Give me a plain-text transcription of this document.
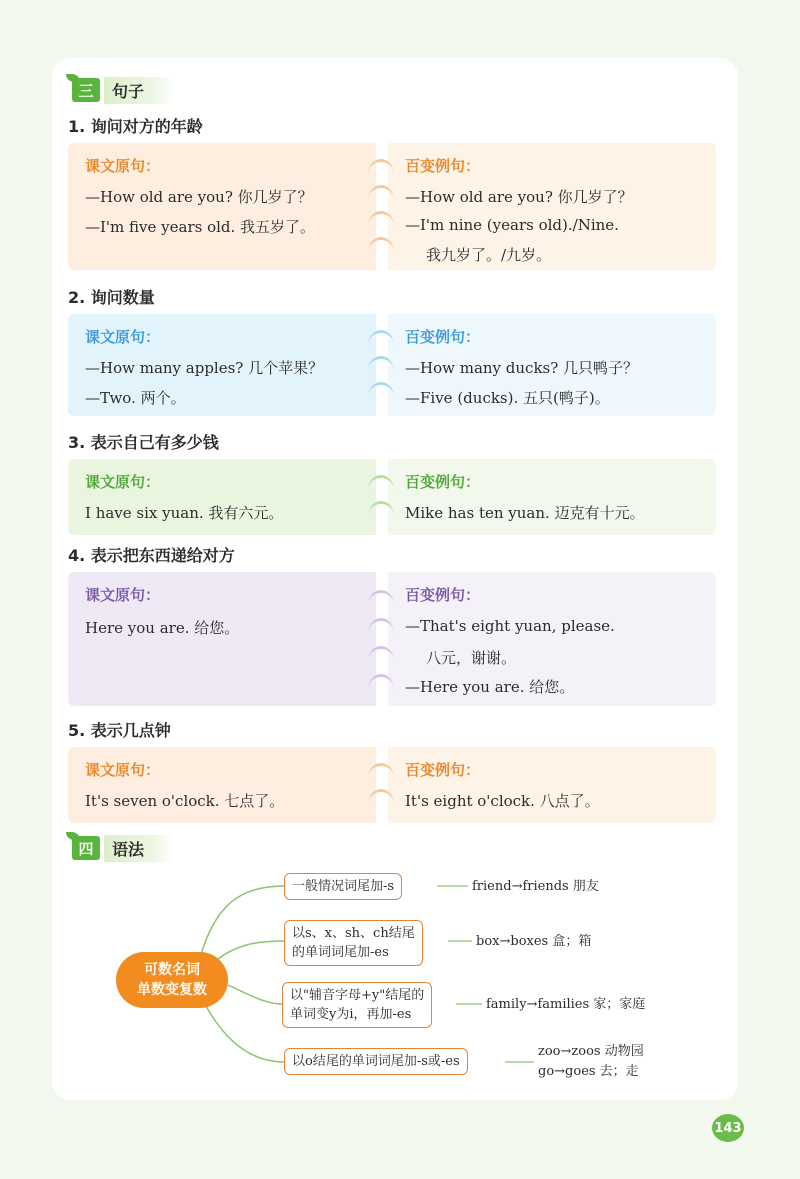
三	句子
1. 询问对方的年龄
课文原句：
—How old are you? 你几岁了？
—I'm five years old. 我五岁了。
百变例句：
—How old are you? 你几岁了？
—I'm nine (years old)./Nine.
我九岁了。/九岁。
2. 询问数量
课文原句：
—How many apples? 几个苹果？
—Two. 两个。
百变例句：
—How many ducks? 几只鸭子？
—Five (ducks). 五只(鸭子)。
3. 表示自己有多少钱
课文原句：
I have six yuan. 我有六元。
百变例句：
Mike has ten yuan. 迈克有十元。
4. 表示把东西递给对方
课文原句：
Here you are. 给您。
百变例句：
—That's eight yuan, please.
八元，谢谢。
—Here you are. 给您。
5. 表示几点钟
课文原句：
It's seven o'clock. 七点了。
百变例句：
It's eight o'clock. 八点了。
四	语法
可数名词
单数变复数
一般情况词尾加-s	friend→friends 朋友
以s、x、sh、ch结尾
的单词词尾加-es
box→boxes 盒；箱
以"辅音字母+y"结尾的
单词变y为i，再加-es
family→families 家；家庭
以o结尾的单词词尾加-s或-es
zoo→zoos 动物园
go→goes 去；走
143
